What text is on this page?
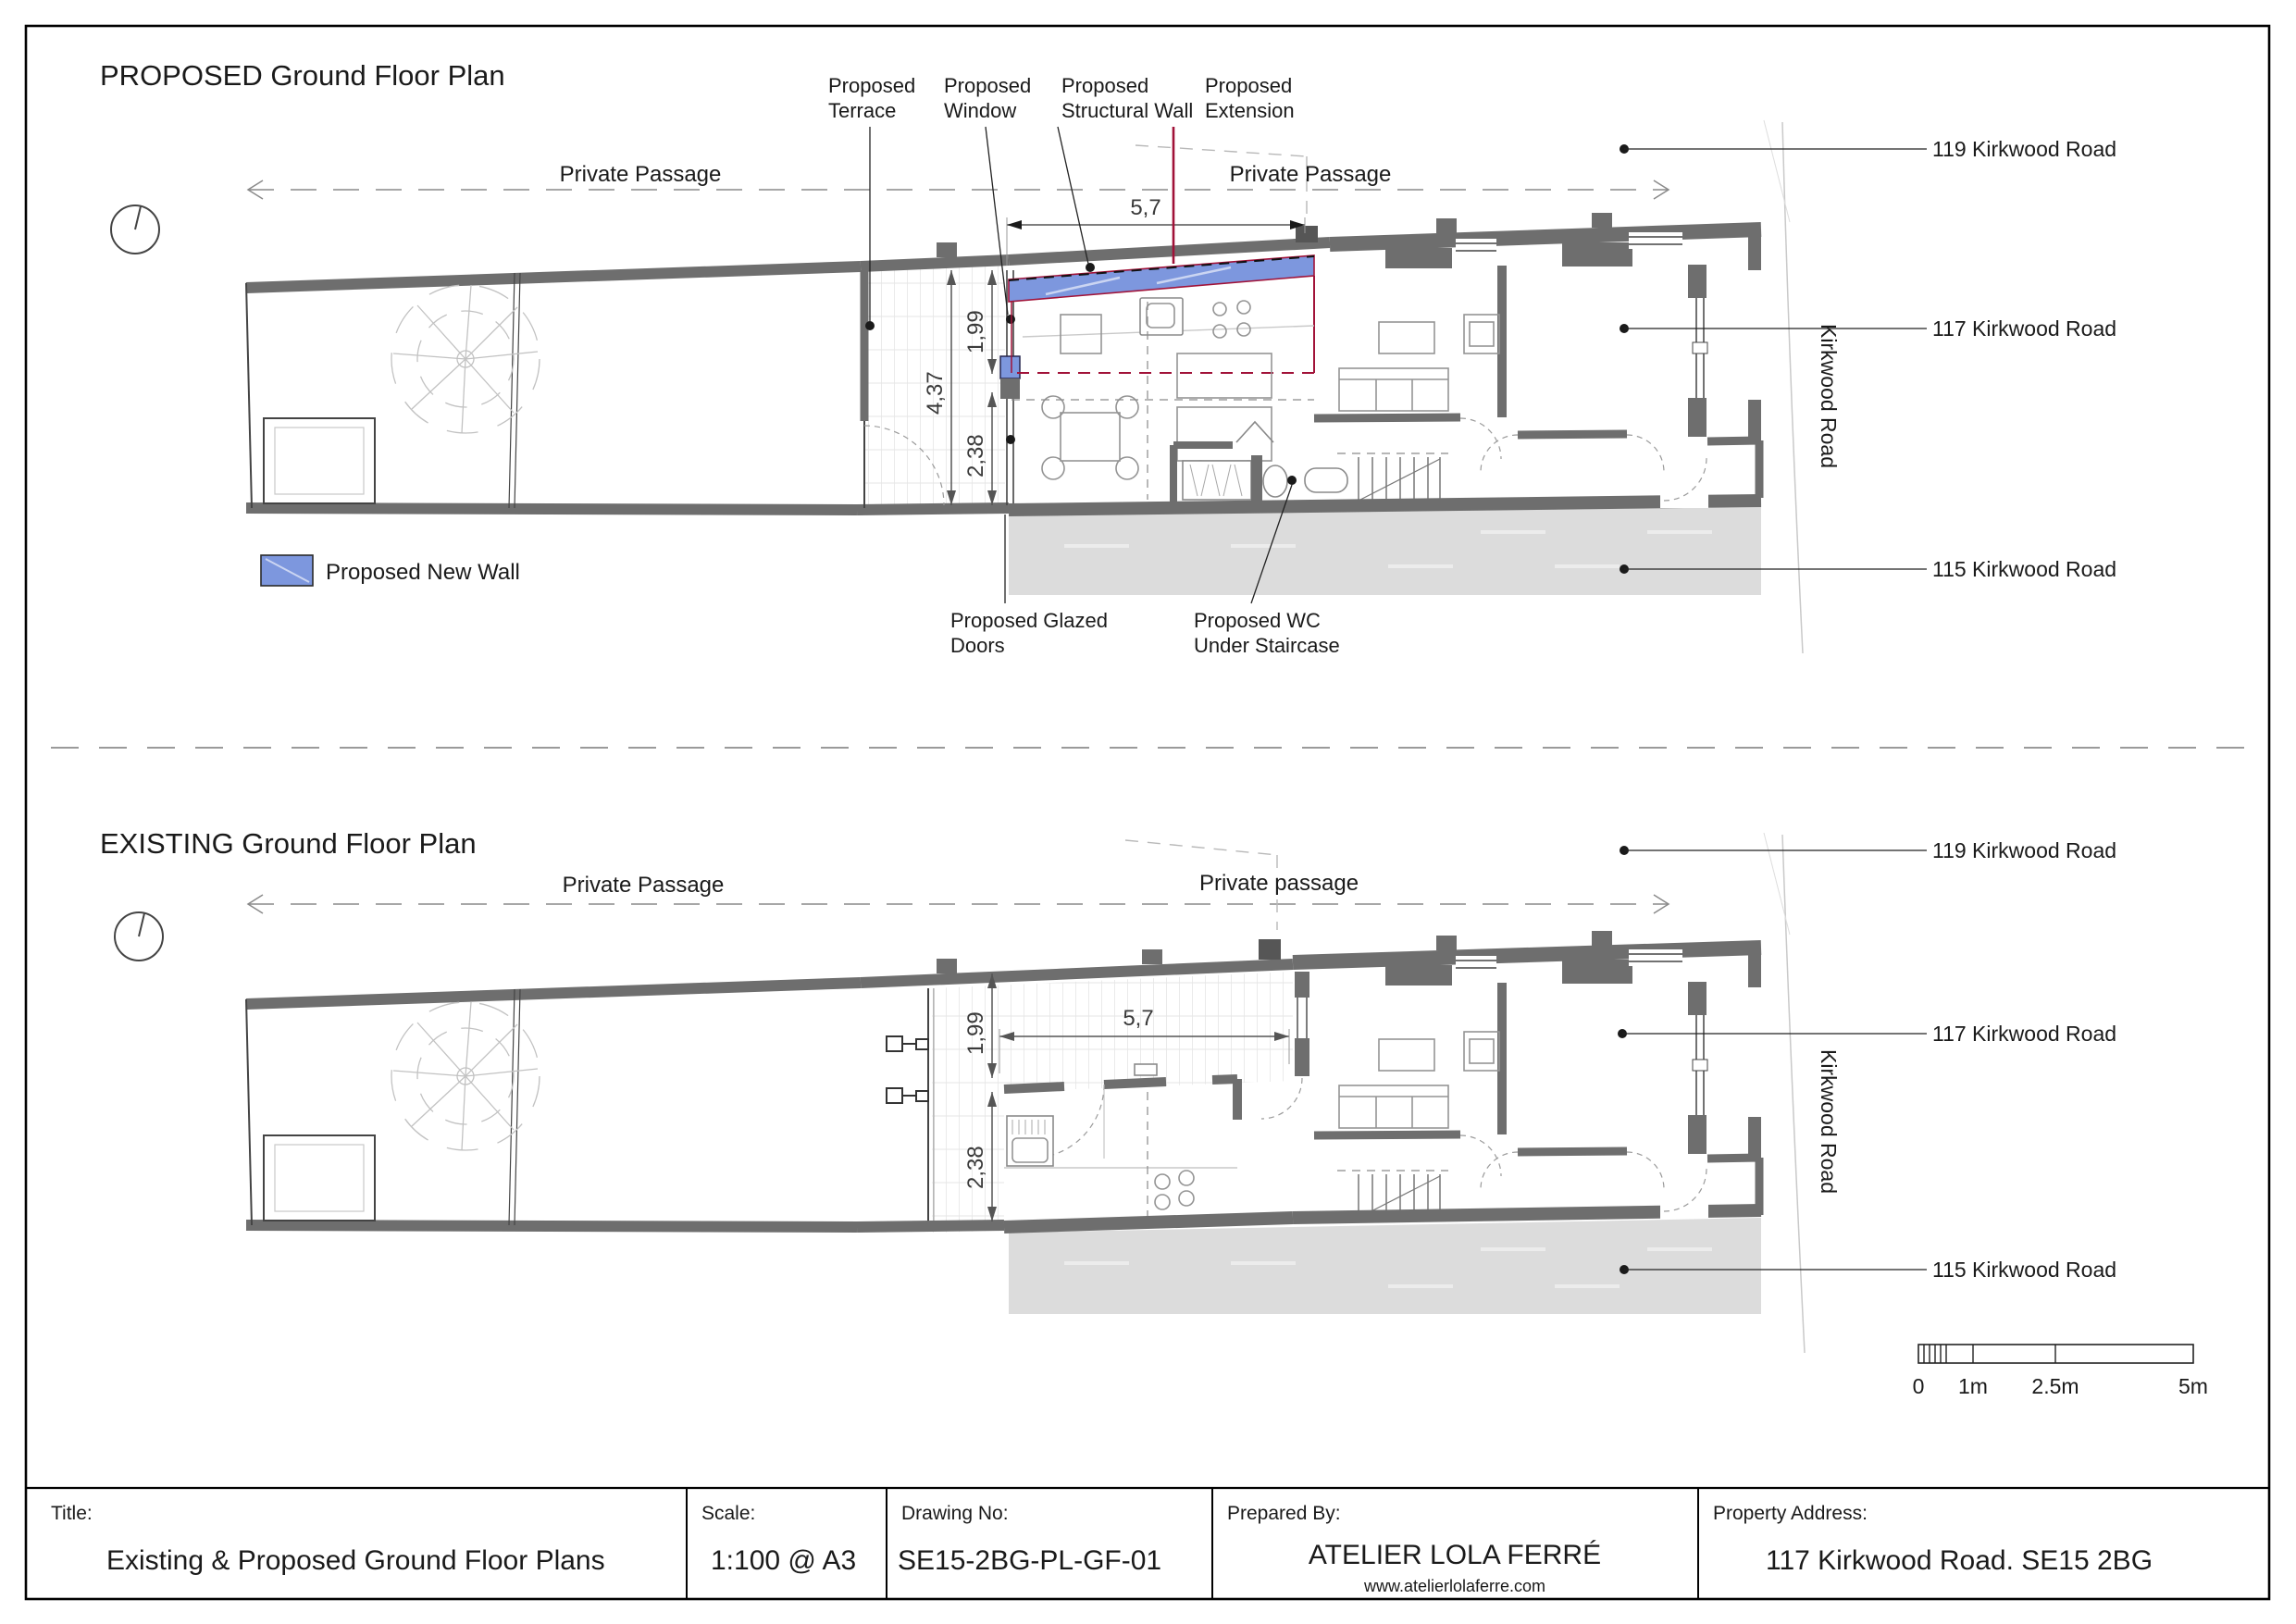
PROPOSED Ground Floor Plan
Private Passage	Private Passage
5,7
4,37
1,99
2,38
Proposed
Terrace
Proposed
Window
Proposed
Structural Wall
Proposed
Extension
Proposed Glazed
Doors
Proposed WC
Under Staircase
119 Kirkwood Road
117 Kirkwood Road
115 Kirkwood Road
Kirkwood Road
Proposed New Wall
EXISTING Ground Floor Plan
Private Passage	Private passage
5,7
1,99
2,38
119 Kirkwood Road
117 Kirkwood Road
115 Kirkwood Road
Kirkwood Road
0 1m 2.5m	5m
Title:
Existing & Proposed Ground Floor Plans
Scale:
1:100 @ A3
Drawing No:
SE15-2BG-PL-GF-01
Prepared By:
ATELIER LOLA FERRÉ
www.atelierlolaferre.com
Property Address:
117 Kirkwood Road. SE15 2BG
